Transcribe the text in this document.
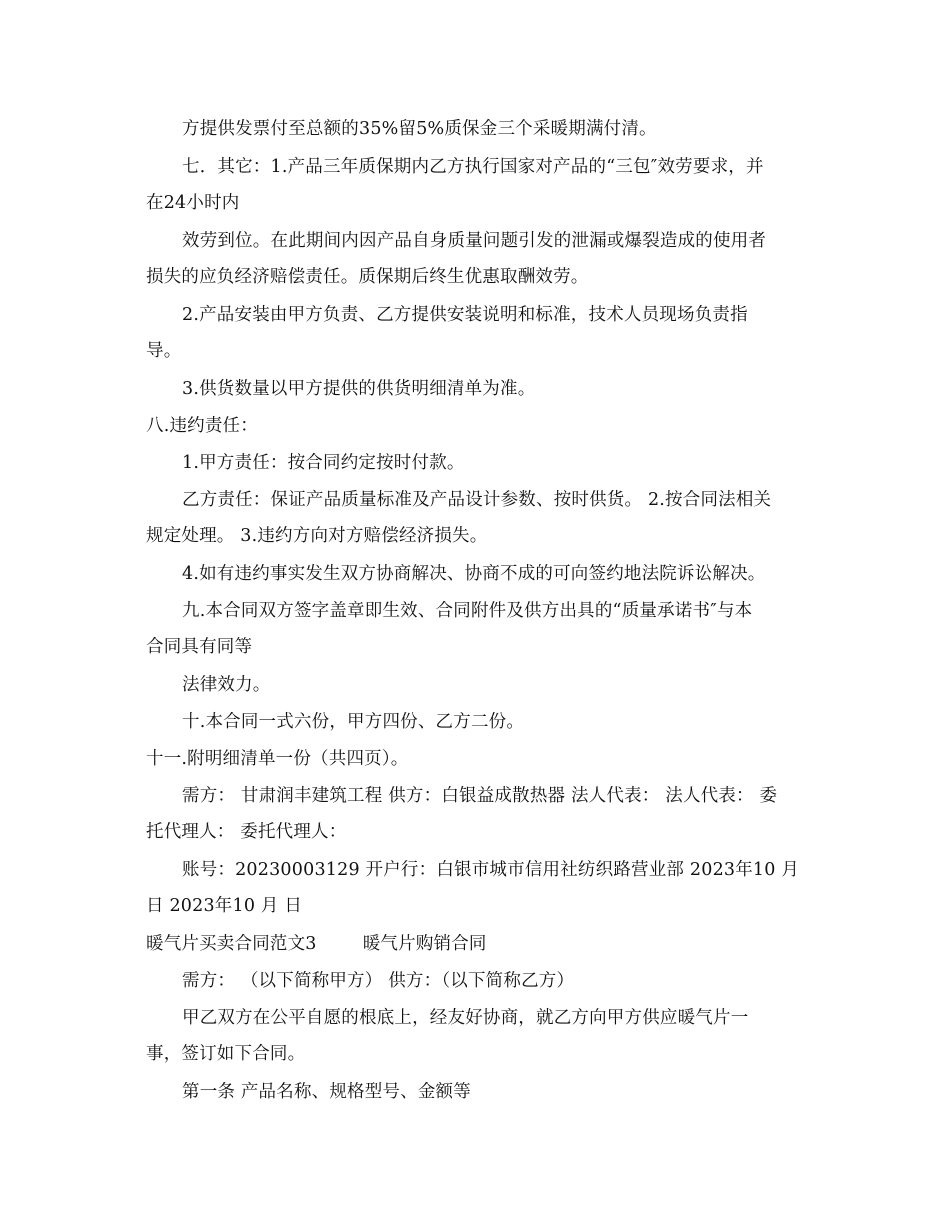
方提供发票付至总额的35%留5%质保金三个采暖期满付清。
七．其它：1.产品三年质保期内乙方执行国家对产品的“三包″效劳要求，并
在24小时内
效劳到位。在此期间内因产品自身质量问题引发的泄漏或爆裂造成的使用者
损失的应负经济赔偿责任。质保期后终生优惠取酬效劳。
2.产品安装由甲方负责、乙方提供安装说明和标准，技术人员现场负责指
导。
3.供货数量以甲方提供的供货明细清单为准。
八.违约责任：
1.甲方责任：按合同约定按时付款。
乙方责任：保证产品质量标准及产品设计参数、按时供货。 2.按合同法相关
规定处理。 3.违约方向对方赔偿经济损失。
4.如有违约事实发生双方协商解决、协商不成的可向签约地法院诉讼解决。
九.本合同双方签字盖章即生效、合同附件及供方出具的“质量承诺书″与本
合同具有同等
法律效力。
十.本合同一式六份，甲方四份、乙方二份。
十一.附明细清单一份（共四页）。
需方： 甘肃润丰建筑工程 供方：白银益成散热器 法人代表： 法人代表： 委
托代理人： 委托代理人：
账号：20230003129 开户行：白银市城市信用社纺织路营业部 2023年10 月
日 2023年10 月 日
暖气片买卖合同范文3        暖气片购销合同
需方： （以下简称甲方） 供方：（以下简称乙方）
甲乙双方在公平自愿的根底上，经友好协商，就乙方向甲方供应暖气片一
事，签订如下合同。
第一条 产品名称、规格型号、金额等
